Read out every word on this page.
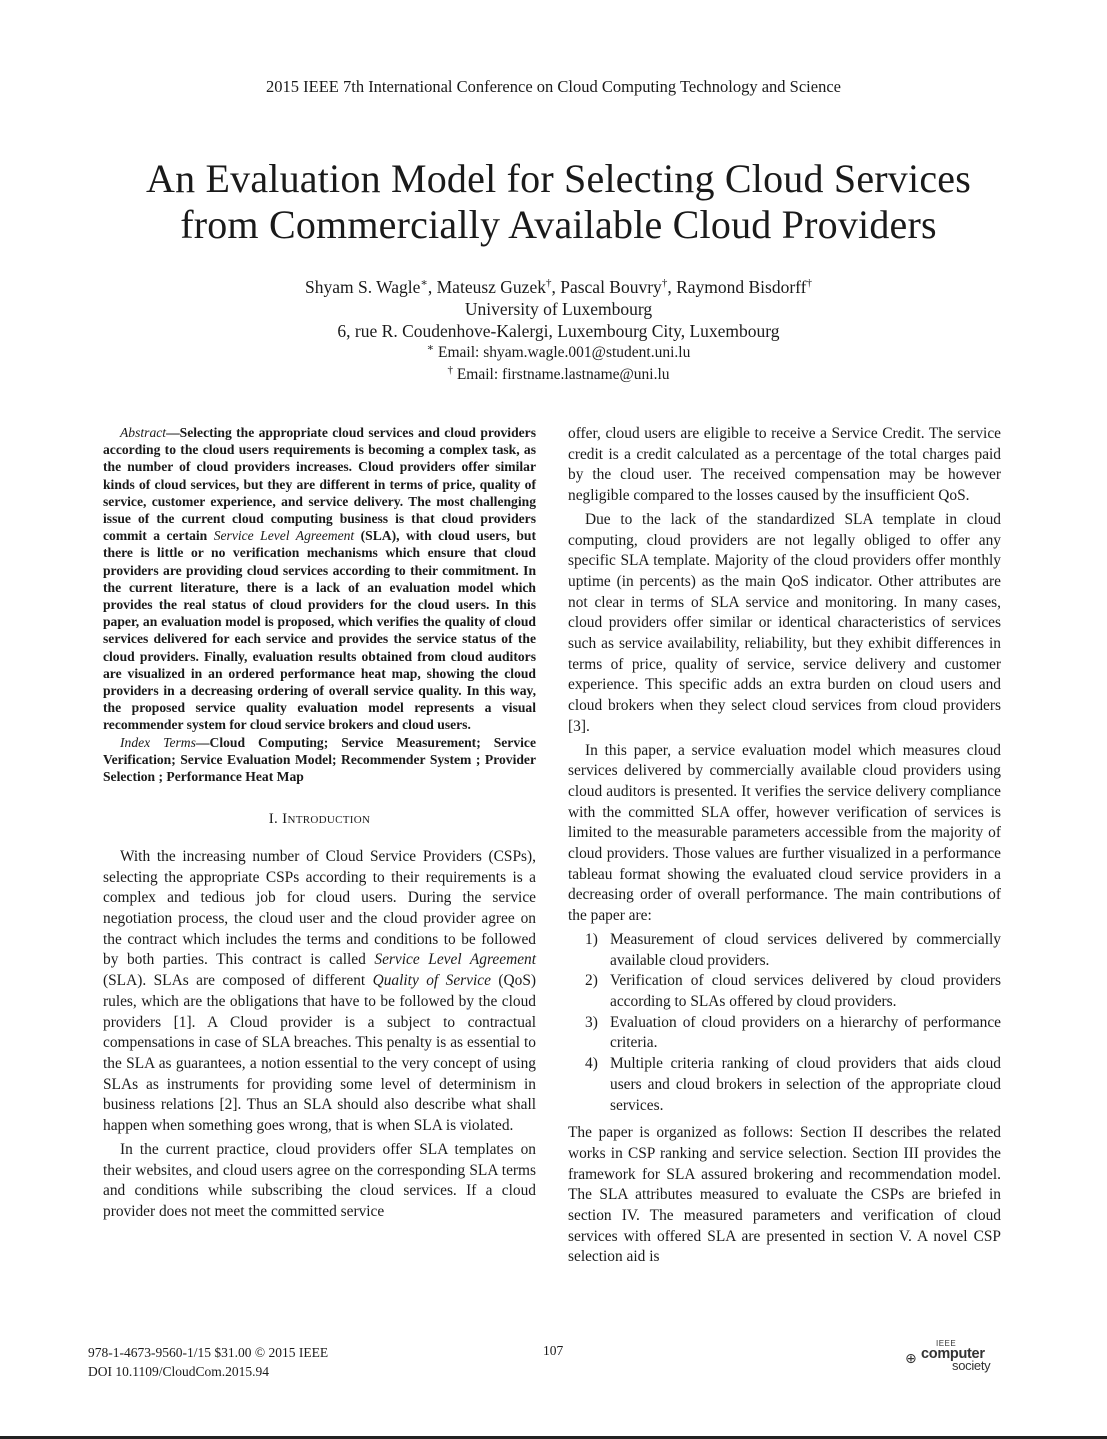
2015 IEEE 7th International Conference on Cloud Computing Technology and Science
An Evaluation Model for Selecting Cloud Services
from Commercially Available Cloud Providers
Shyam S. Wagle∗, Mateusz Guzek†, Pascal Bouvry†, Raymond Bisdorff†
University of Luxembourg
6, rue R. Coudenhove-Kalergi, Luxembourg City, Luxembourg
∗ Email: shyam.wagle.001@student.uni.lu
† Email: firstname.lastname@uni.lu

Abstract—Selecting the appropriate cloud services and cloud providers according to the cloud users requirements is becoming a complex task, as the number of cloud providers increases. Cloud providers offer similar kinds of cloud services, but they are different in terms of price, quality of service, customer experience, and service delivery. The most challenging issue of the current cloud computing business is that cloud providers commit a certain Service Level Agreement (SLA), with cloud users, but there is little or no verification mechanisms which ensure that cloud providers are providing cloud services according to their commitment. In the current literature, there is a lack of an evaluation model which provides the real status of cloud providers for the cloud users. In this paper, an evaluation model is proposed, which verifies the quality of cloud services delivered for each service and provides the service status of the cloud providers. Finally, evaluation results obtained from cloud auditors are visualized in an ordered performance heat map, showing the cloud providers in a decreasing ordering of overall service quality. In this way, the proposed service quality evaluation model represents a visual recommender system for cloud service brokers and cloud users.

Index Terms—Cloud Computing; Service Measurement; Service Verification; Service Evaluation Model; Recommender System ; Provider Selection ; Performance Heat Map

I. Introduction

With the increasing number of Cloud Service Providers (CSPs), selecting the appropriate CSPs according to their requirements is a complex and tedious job for cloud users. During the service negotiation process, the cloud user and the cloud provider agree on the contract which includes the terms and conditions to be followed by both parties. This contract is called Service Level Agreement (SLA). SLAs are composed of different Quality of Service (QoS) rules, which are the obligations that have to be followed by the cloud providers [1]. A Cloud provider is a subject to contractual compensations in case of SLA breaches. This penalty is as essential to the SLA as guarantees, a notion essential to the very concept of using SLAs as instruments for providing some level of determinism in business relations [2]. Thus an SLA should also describe what shall happen when something goes wrong, that is when SLA is violated.

In the current practice, cloud providers offer SLA templates on their websites, and cloud users agree on the corresponding SLA terms and conditions while subscribing the cloud services. If a cloud provider does not meet the committed service

offer, cloud users are eligible to receive a Service Credit. The service credit is a credit calculated as a percentage of the total charges paid by the cloud user. The received compensation may be however negligible compared to the losses caused by the insufficient QoS.

Due to the lack of the standardized SLA template in cloud computing, cloud providers are not legally obliged to offer any specific SLA template. Majority of the cloud providers offer monthly uptime (in percents) as the main QoS indicator. Other attributes are not clear in terms of SLA service and monitoring. In many cases, cloud providers offer similar or identical characteristics of services such as service availability, reliability, but they exhibit differences in terms of price, quality of service, service delivery and customer experience. This specific adds an extra burden on cloud users and cloud brokers when they select cloud services from cloud providers [3].

In this paper, a service evaluation model which measures cloud services delivered by commercially available cloud providers using cloud auditors is presented. It verifies the service delivery compliance with the committed SLA offer, however verification of services is limited to the measurable parameters accessible from the majority of cloud providers. Those values are further visualized in a performance tableau format showing the evaluated cloud service providers in a decreasing order of overall performance. The main contributions of the paper are:

1) Measurement of cloud services delivered by commercially available cloud providers.
2) Verification of cloud services delivered by cloud providers according to SLAs offered by cloud providers.
3) Evaluation of cloud providers on a hierarchy of performance criteria.
4) Multiple criteria ranking of cloud providers that aids cloud users and cloud brokers in selection of the appropriate cloud services.

The paper is organized as follows: Section II describes the related works in CSP ranking and service selection. Section III provides the framework for SLA assured brokering and recommendation model. The SLA attributes measured to evaluate the CSPs are briefed in section IV. The measured parameters and verification of cloud services with offered SLA are presented in section V. A novel CSP selection aid is

978-1-4673-9560-1/15 $31.00 © 2015 IEEE
DOI 10.1109/CloudCom.2015.94
107	IEEE
⊕ computer
society
